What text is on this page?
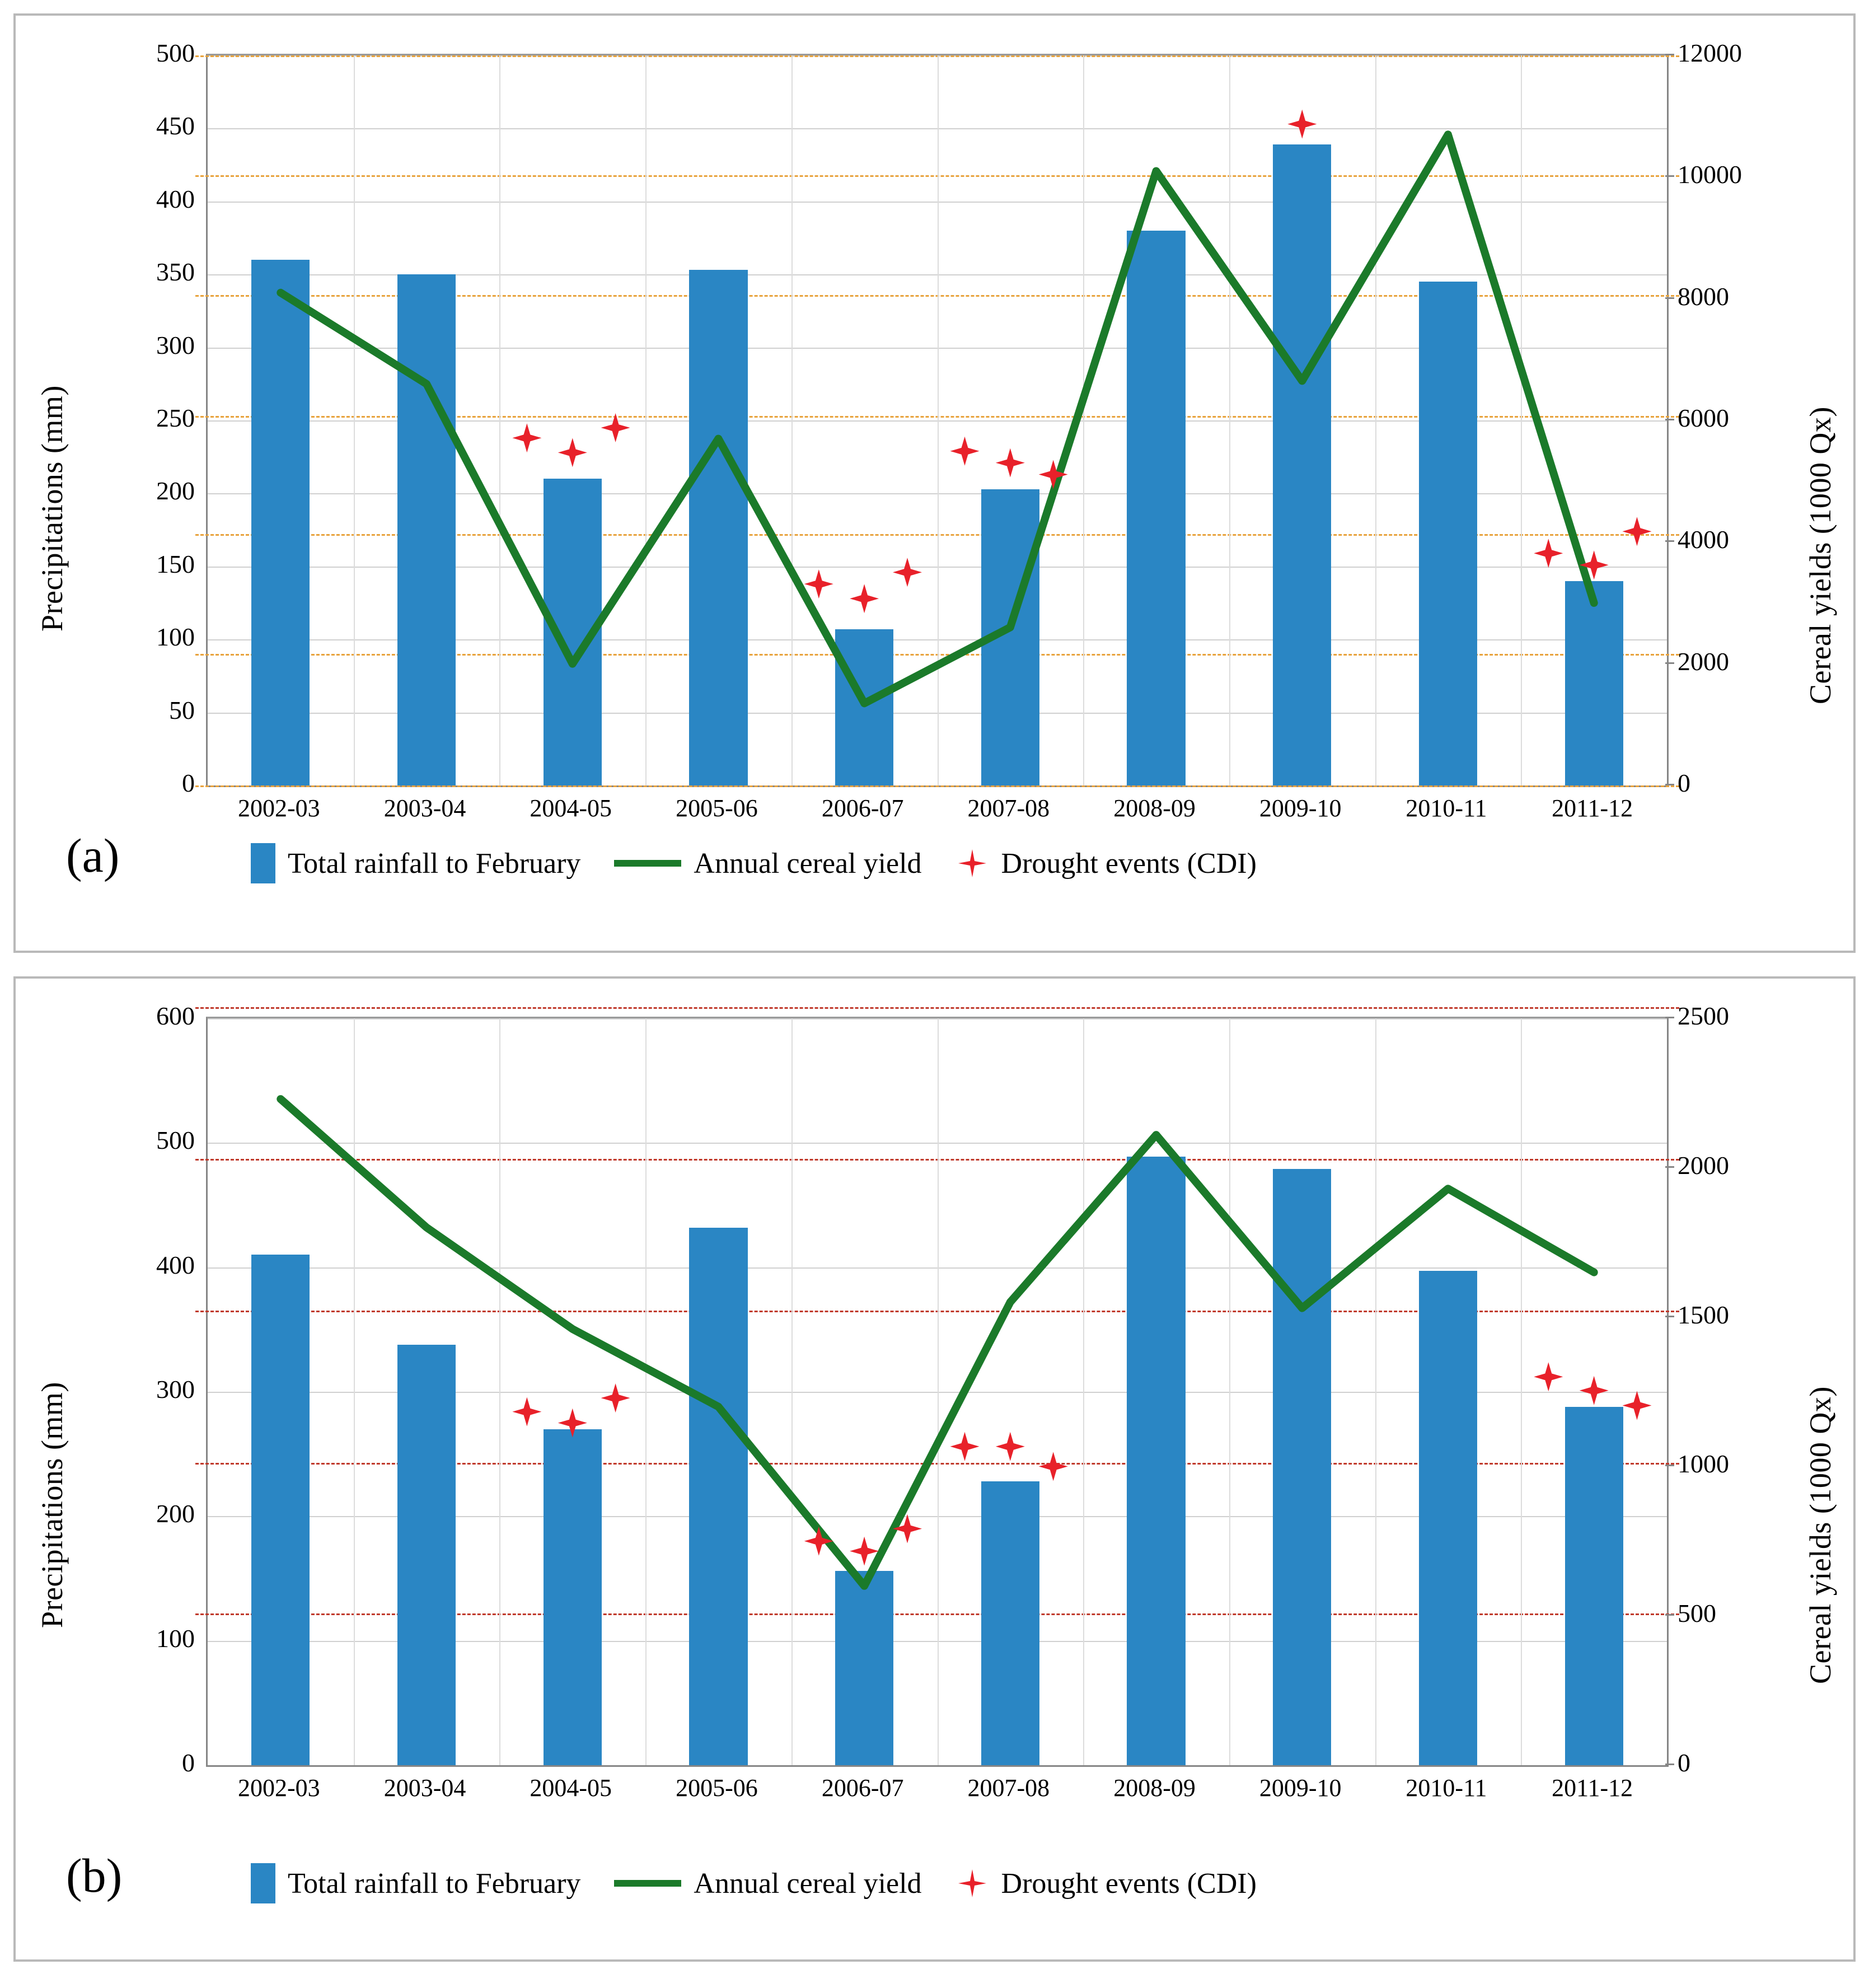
Precipitations (mm)	Cereal yields (1000 Qx)
(a)	Total rainfall to February	Annual cereal yield	Drought events (CDI)
0
50
100
150
200
250
300
350
400
450
500
0
2000
4000
6000
8000
10000
12000
2002-03	2003-04	2004-05	2005-06	2006-07	2007-08	2008-09	2009-10	2010-11	2011-12
Precipitations (mm)	Cereal yields (1000 Qx)
(b)	Total rainfall to February	Annual cereal yield	Drought events (CDI)
0
100
200
300
400
500
600
0
500
1000
1500
2000
2500
2002-03	2003-04	2004-05	2005-06	2006-07	2007-08	2008-09	2009-10	2010-11	2011-12
